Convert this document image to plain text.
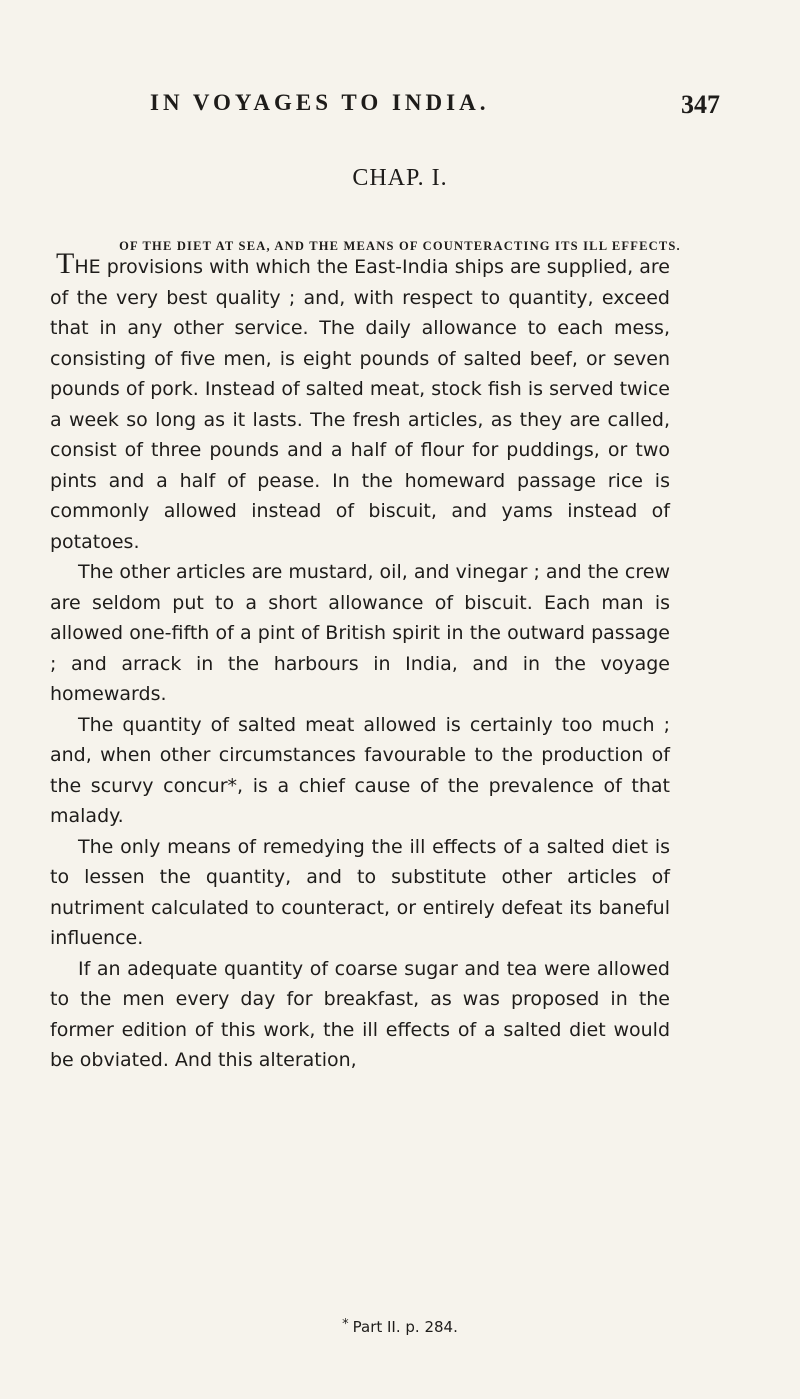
IN VOYAGES TO INDIA.	347
CHAP. I.
OF THE DIET AT SEA, AND THE MEANS OF COUNTERACTING ITS ILL EFFECTS.

THE provisions with which the East-India ships are supplied, are of the very best quality ; and, with respect to quantity, exceed that in any other service. The daily allowance to each mess, consisting of five men, is eight pounds of salted beef, or seven pounds of pork. Instead of salted meat, stock fish is served twice a week so long as it lasts. The fresh articles, as they are called, consist of three pounds and a half of flour for puddings, or two pints and a half of pease. In the homeward passage rice is commonly allowed instead of biscuit, and yams instead of potatoes.

The other articles are mustard, oil, and vinegar ; and the crew are seldom put to a short allowance of biscuit. Each man is allowed one-fifth of a pint of British spirit in the outward passage ; and arrack in the harbours in India, and in the voyage homewards.

The quantity of salted meat allowed is certainly too much ; and, when other circumstances favourable to the production of the scurvy concur*, is a chief cause of the prevalence of that malady.

The only means of remedying the ill effects of a salted diet is to lessen the quantity, and to substitute other articles of nutriment calculated to counteract, or entirely defeat its baneful influence.

If an adequate quantity of coarse sugar and tea were allowed to the men every day for breakfast, as was proposed in the former edition of this work, the ill effects of a salted diet would be obviated. And this alteration,

* Part II. p. 284.
